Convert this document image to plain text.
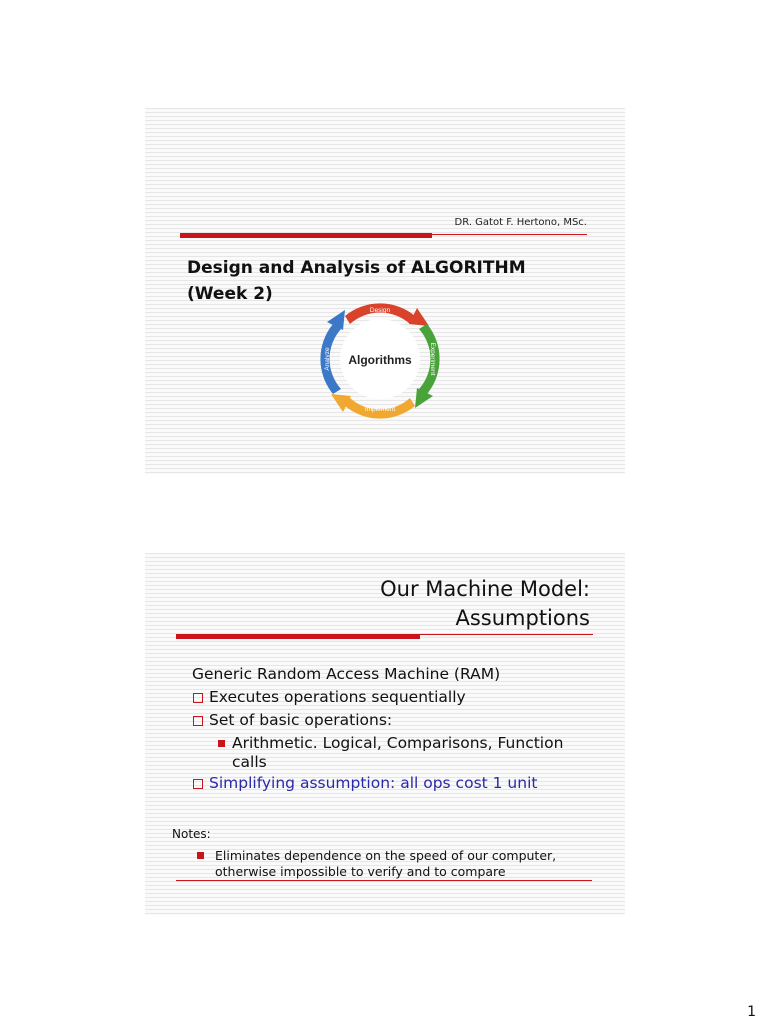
DR. Gatot F. Hertono, MSc.
Design and Analysis of ALGORITHM
(Week 2)
Algorithms
Design
Experiment
Implement
Analyze
Our Machine Model:
Assumptions
Generic Random Access Machine (RAM)
Executes operations sequentially
Set of basic operations:
Arithmetic. Logical, Comparisons, Function calls
Simplifying assumption: all ops cost 1 unit
Notes:
Eliminates dependence on the speed of our computer, otherwise impossible to verify and to compare
1
